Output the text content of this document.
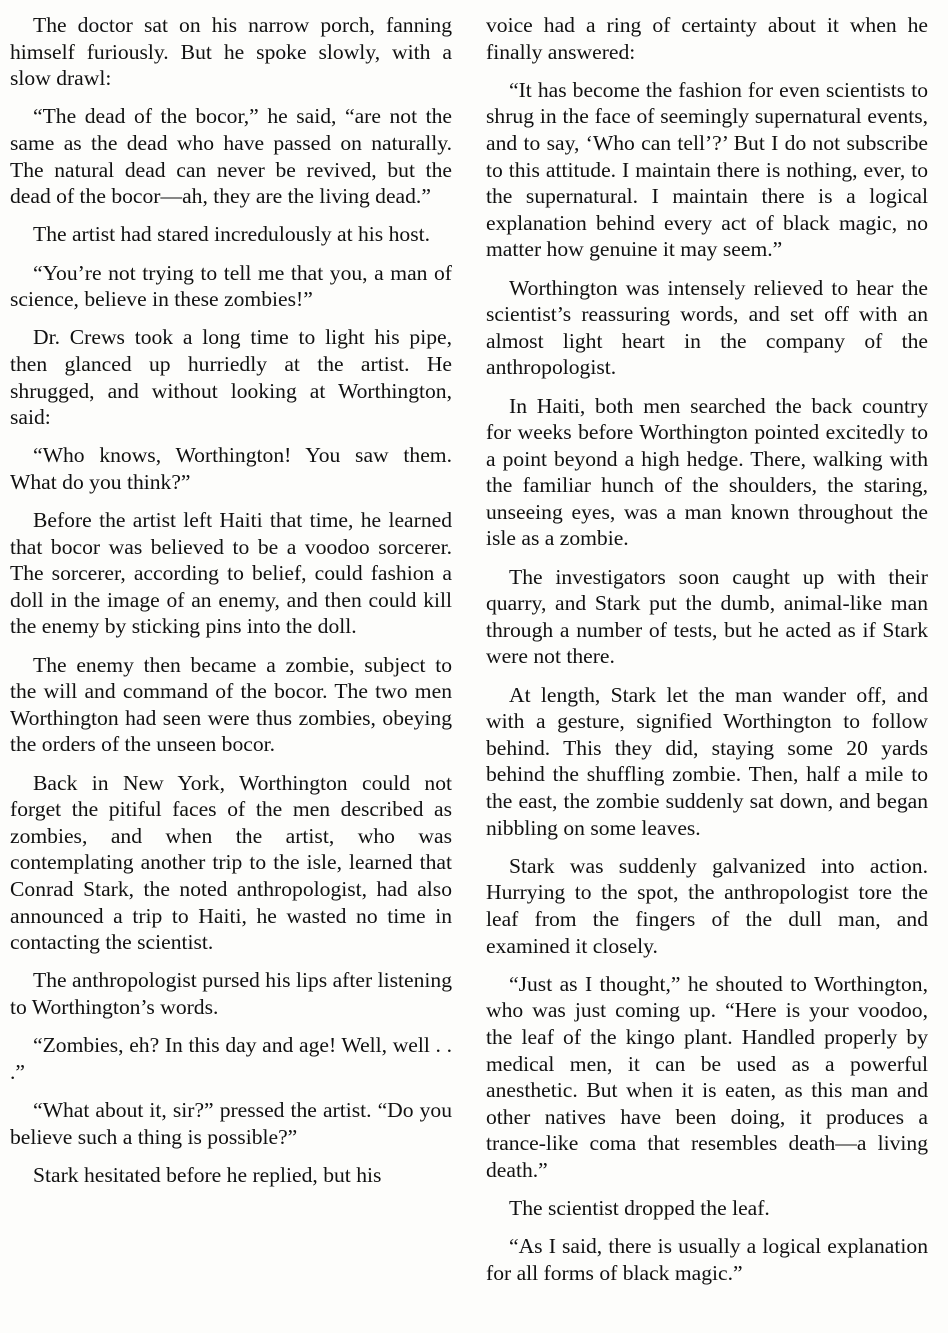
The doctor sat on his narrow porch, fanning himself furiously. But he spoke slowly, with a slow drawl:

“The dead of the bocor,” he said, “are not the same as the dead who have passed on naturally. The natural dead can never be revived, but the dead of the bocor—ah, they are the living dead.”

The artist had stared incredulously at his host.

“You’re not trying to tell me that you, a man of science, believe in these zombies!”

Dr. Crews took a long time to light his pipe, then glanced up hurriedly at the artist. He shrugged, and without looking at Worthington, said:

“Who knows, Worthington! You saw them. What do you think?”

Before the artist left Haiti that time, he learned that bocor was believed to be a voodoo sorcerer. The sorcerer, according to belief, could fashion a doll in the image of an enemy, and then could kill the enemy by sticking pins into the doll.

The enemy then became a zombie, subject to the will and command of the bocor. The two men Worthington had seen were thus zombies, obeying the orders of the unseen bocor.

Back in New York, Worthington could not forget the pitiful faces of the men described as zombies, and when the artist, who was contemplating another trip to the isle, learned that Conrad Stark, the noted anthropologist, had also announced a trip to Haiti, he wasted no time in contacting the scientist.

The anthropologist pursed his lips after listening to Worthington’s words.

“Zombies, eh? In this day and age! Well, well . . .”

“What about it, sir?” pressed the artist. “Do you believe such a thing is possible?”

Stark hesitated before he replied, but his

voice had a ring of certainty about it when he finally answered:

“It has become the fashion for even scientists to shrug in the face of seemingly supernatural events, and to say, ‘Who can tell’?’ But I do not subscribe to this attitude. I maintain there is nothing, ever, to the supernatural. I maintain there is a logical explanation behind every act of black magic, no matter how genuine it may seem.”

Worthington was intensely relieved to hear the scientist’s reassuring words, and set off with an almost light heart in the company of the anthropologist.

In Haiti, both men searched the back country for weeks before Worthington pointed excitedly to a point beyond a high hedge. There, walking with the familiar hunch of the shoulders, the staring, unseeing eyes, was a man known throughout the isle as a zombie.

The investigators soon caught up with their quarry, and Stark put the dumb, animal-like man through a number of tests, but he acted as if Stark were not there.

At length, Stark let the man wander off, and with a gesture, signified Worthington to follow behind. This they did, staying some 20 yards behind the shuffling zombie. Then, half a mile to the east, the zombie suddenly sat down, and began nibbling on some leaves.

Stark was suddenly galvanized into action. Hurrying to the spot, the anthropologist tore the leaf from the fingers of the dull man, and examined it closely.

“Just as I thought,” he shouted to Worthington, who was just coming up. “Here is your voodoo, the leaf of the kingo plant. Handled properly by medical men, it can be used as a powerful anesthetic. But when it is eaten, as this man and other natives have been doing, it produces a trance-like coma that resembles death—a living death.”

The scientist dropped the leaf.

“As I said, there is usually a logical explanation for all forms of black magic.”
